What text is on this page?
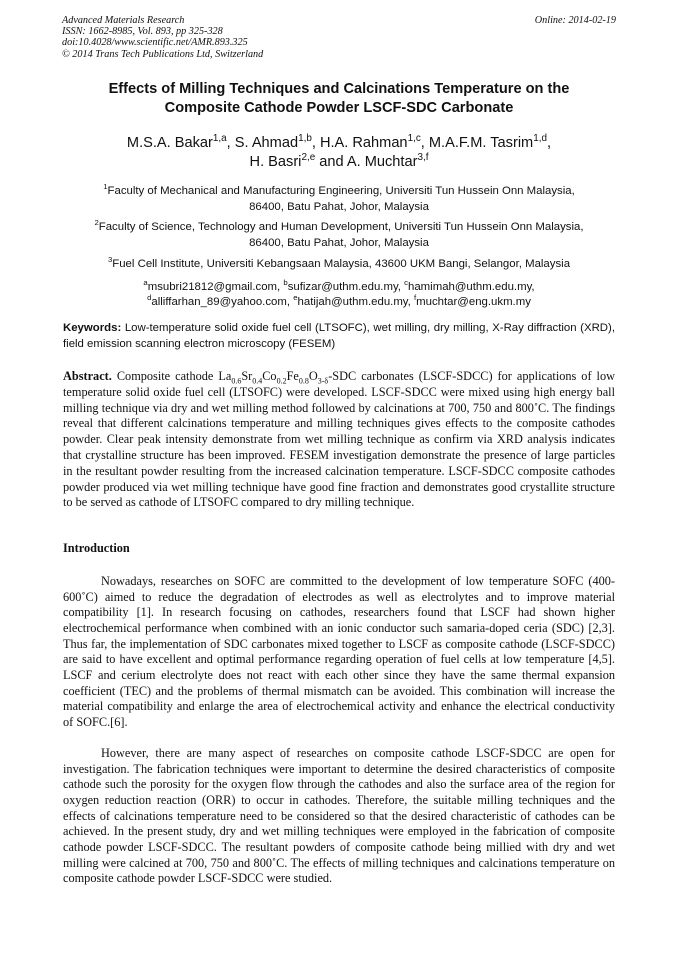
Advanced Materials Research
ISSN: 1662-8985, Vol. 893, pp 325-328
doi:10.4028/www.scientific.net/AMR.893.325
© 2014 Trans Tech Publications Ltd, Switzerland
Online: 2014-02-19
Effects of Milling Techniques and Calcinations Temperature on the
Composite Cathode Powder LSCF-SDC Carbonate
M.S.A. Bakar$^{1,a}$, S. Ahmad$^{1,b}$, H.A. Rahman$^{1,c}$, M.A.F.M. Tasrim$^{1,d}$,
H. Basri$^{2,e}$ and A. Muchtar$^{3,f}$
$^1$Faculty of Mechanical and Manufacturing Engineering, Universiti Tun Hussein Onn Malaysia,
86400, Batu Pahat, Johor, Malaysia
$^2$Faculty of Science, Technology and Human Development, Universiti Tun Hussein Onn Malaysia,
86400, Batu Pahat, Johor, Malaysia
$^3$Fuel Cell Institute, Universiti Kebangsaan Malaysia, 43600 UKM Bangi, Selangor, Malaysia
$^a$msubri21812@gmail.com, $^b$sufizar@uthm.edu.my, $^c$hamimah@uthm.edu.my,
$^d$alliffarhan_89@yahoo.com, $^e$hatijah@uthm.edu.my, $^f$muchtar@eng.ukm.my
Keywords: Low-temperature solid oxide fuel cell (LTSOFC), wet milling, dry milling, X-Ray diffraction (XRD), field emission scanning electron microscopy (FESEM)
Abstract. Composite cathode $La_{0.6}Sr_{0.4}Co_{0.2}Fe_{0.8}O_{3-\delta}$-SDC carbonates (LSCF-SDCC) for applications of low temperature solid oxide fuel cell (LTSOFC) were developed. LSCF-SDCC were mixed using high energy ball milling technique via dry and wet milling method followed by calcinations at 700, 750 and 800˚C. The findings reveal that different calcinations temperature and milling techniques gives effects to the composite cathodes powder. Clear peak intensity demonstrate from wet milling technique as confirm via XRD analysis indicates that crystalline structure has been improved. FESEM investigation demonstrate the presence of large particles in the resultant powder resulting from the increased calcination temperature. LSCF-SDCC composite cathodes powder produced via wet milling technique have good fine fraction and demonstrates good crystallite structure to be served as cathode of LTSOFC compared to dry milling technique.
Introduction

Nowadays, researches on SOFC are committed to the development of low temperature SOFC (400-600˚C) aimed to reduce the degradation of electrodes as well as electrolytes and to improve material compatibility [1]. In research focusing on cathodes, researchers found that LSCF had shown higher electrochemical performance when combined with an ionic conductor such samaria-doped ceria (SDC) [2,3]. Thus far, the implementation of SDC carbonates mixed together to LSCF as composite cathode (LSCF-SDCC) are said to have excellent and optimal performance regarding operation of fuel cells at low temperature [4,5]. LSCF and cerium electrolyte does not react with each other since they have the same thermal expansion coefficient (TEC) and the problems of thermal mismatch can be avoided. This combination will increase the material compatibility and enlarge the area of electrochemical activity and enhance the electrical conductivity of SOFC.[6].

However, there are many aspect of researches on composite cathode LSCF-SDCC are open for investigation. The fabrication techniques were important to determine the desired characteristics of composite cathode such the porosity for the oxygen flow through the cathodes and also the surface area of the region for oxygen reduction reaction (ORR) to occur in cathodes. Therefore, the suitable milling techniques and the effects of calcinations temperature need to be considered so that the desired characteristic of cathodes can be achieved. In the present study, dry and wet milling techniques were employed in the fabrication of composite cathode powder LSCF-SDCC. The resultant powders of composite cathode being millied with dry and wet milling were calcined at 700, 750 and 800˚C. The effects of milling techniques and calcinations temperature on composite cathode powder LSCF-SDCC were studied.
